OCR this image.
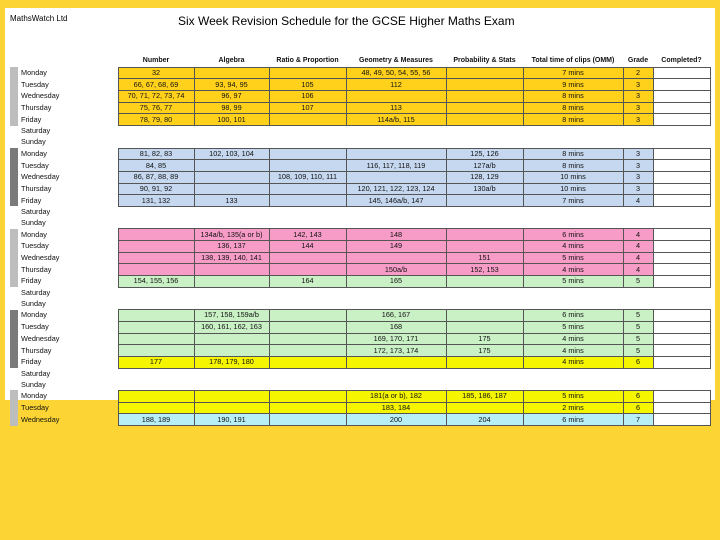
MathsWatch Ltd	Six Week Revision Schedule for the GCSE Higher Maths Exam
		Number	Algebra	Ratio & Proportion	Geometry & Measures	Probability & Stats	Total time of clips (OMM)	Grade	Completed?
	Monday	32			48, 49, 50, 54, 55, 56		7 mins	2	
	Tuesday	66, 67, 68, 69	93, 94, 95	105	112		9 mins	3	
	Wednesday	70, 71, 72, 73, 74	96, 97	106			8 mins	3	
	Thursday	75, 76, 77	98, 99	107	113		8 mins	3	
	Friday	78, 79, 80	100, 101		114a/b, 115		8 mins	3	
	Saturday								
	Sunday								
	Monday	81, 82, 83	102, 103, 104			125, 126	8 mins	3	
	Tuesday	84, 85			116, 117, 118, 119	127a/b	8 mins	3	
	Wednesday	86, 87, 88, 89		108, 109, 110, 111		128, 129	10 mins	3	
	Thursday	90, 91, 92			120, 121, 122, 123, 124	130a/b	10 mins	3	
	Friday	131, 132	133		145, 146a/b, 147		7 mins	4	
	Saturday								
	Sunday								
	Monday		134a/b, 135(a or b)	142, 143	148		6 mins	4	
	Tuesday		136, 137	144	149		4 mins	4	
	Wednesday		138, 139, 140, 141			151	5 mins	4	
	Thursday				150a/b	152, 153	4 mins	4	
	Friday	154, 155, 156		164	165		5 mins	5	
	Saturday								
	Sunday								
	Monday		157, 158, 159a/b		166, 167		6 mins	5	
	Tuesday		160, 161, 162, 163		168		5 mins	5	
	Wednesday				169, 170, 171	175	4 mins	5	
	Thursday				172, 173, 174	175	4 mins	5	
	Friday	177	178, 179, 180				4 mins	6	
	Saturday								
	Sunday								
	Monday				181(a or b), 182	185, 186, 187	5 mins	6	
	Tuesday				183, 184		2 mins	6	
	Wednesday	188, 189	190, 191		200	204	6 mins	7	
